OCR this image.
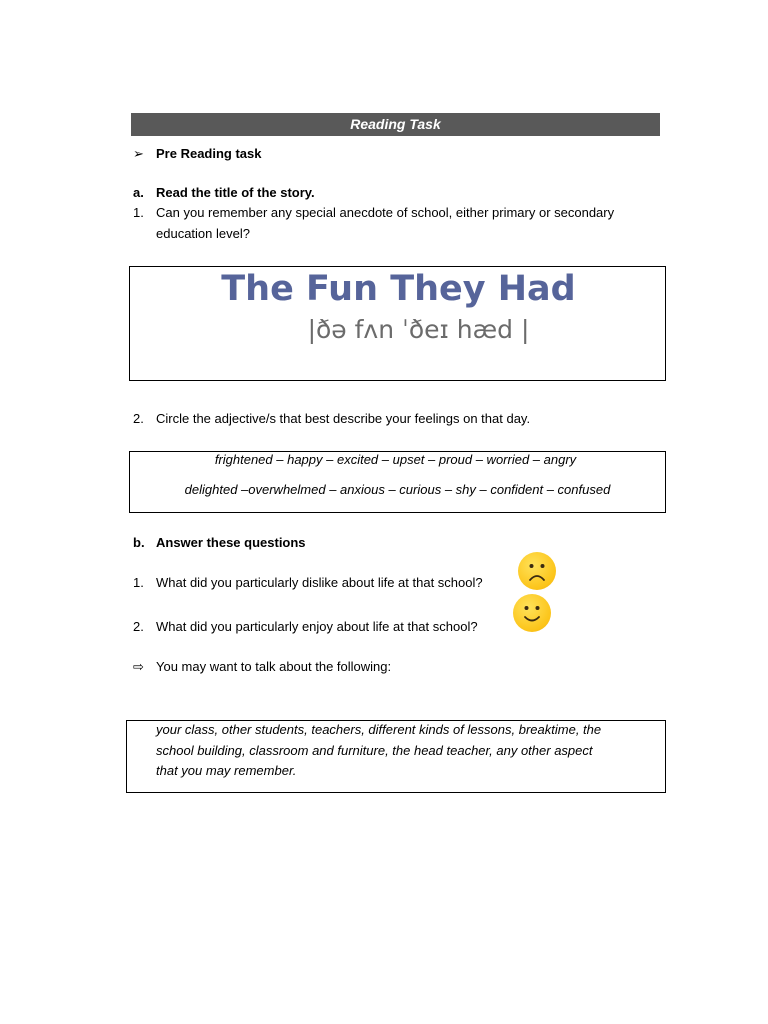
Reading Task
➢ Pre Reading task
a. Read the title of the story.
1. Can you remember any special anecdote of school, either primary or secondary
education level?
The Fun They Had
|ðə fʌn ˈðeɪ hæd |
2. Circle the adjective/s that best describe your feelings on that day.
frightened – happy – excited – upset – proud – worried – angry
delighted –overwhelmed – anxious – curious – shy – confident – confused
b. Answer these questions
1. What did you particularly dislike about life at that school?
2. What did you particularly enjoy about life at that school?
⇨ You may want to talk about the following:
your class, other students, teachers, different kinds of lessons, breaktime, the
school building, classroom and furniture, the head teacher, any other aspect
that you may remember.
